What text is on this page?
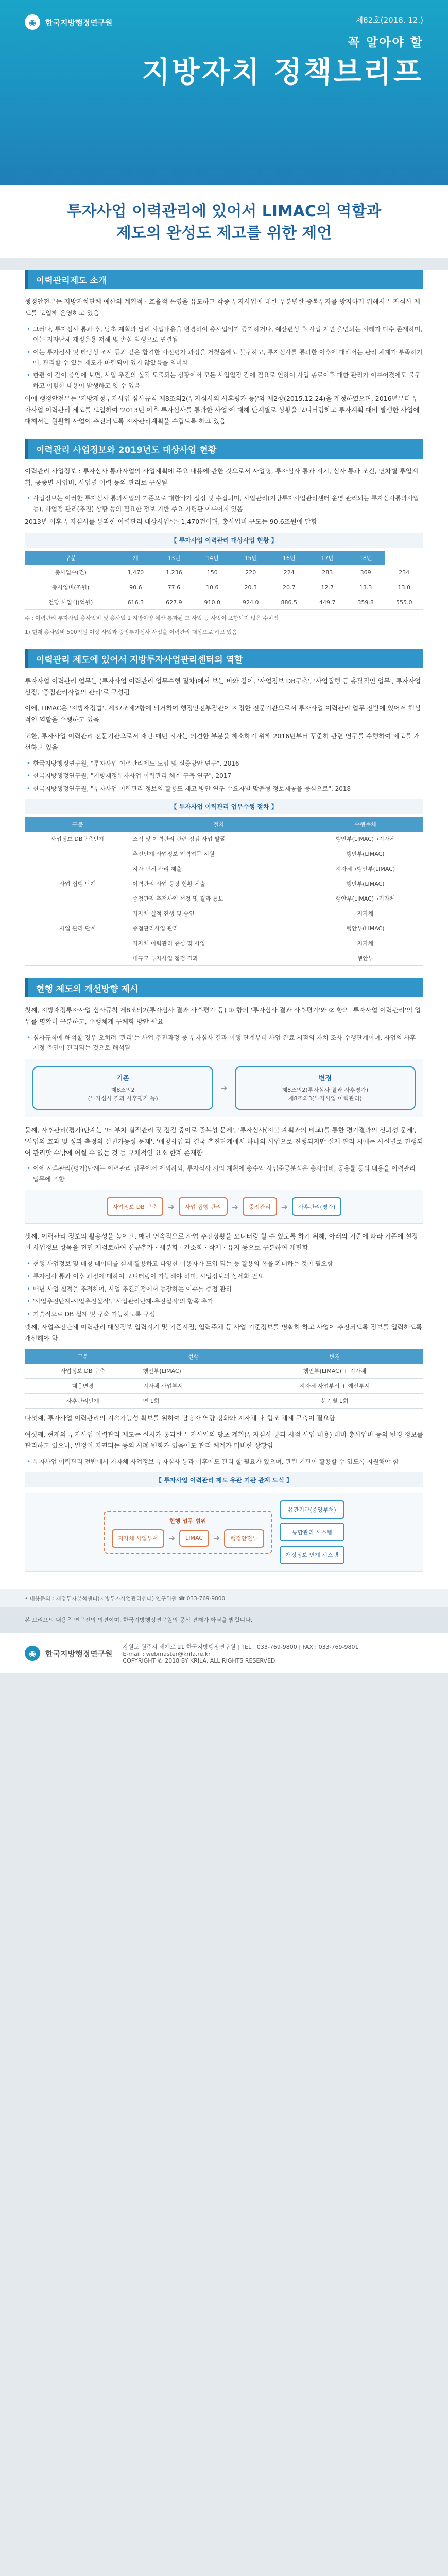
◉	한국지방행정연구원	제82호(2018. 12.)
꼭 알아야 할
지방자치 정책브리프
투자사업 이력관리에 있어서 LIMAC의 역할과
제도의 완성도 제고를 위한 제언
이력관리제도 소개
행정안전부는 지방자치단체 예산의 계획적 · 효율적 운영을 유도하고 각종 투자사업에 대한 무분별한 중복투자를 방지하기 위해서 투자심사 제도를 도입해 운영하고 있음
• 그러나, 투자심사 통과 후, 당초 계획과 달리 사업내용을 변경하여 총사업비가 증가하거나, 예산편성 후 사업 지연 출연되는 사례가 다수 존재하며, 이는 지자단체 재정운용 저해 및 손실 발생으로 연결됨
• 이는 투자심사 및 타당성 조사 등과 같은 합격한 사전평가 과정을 거쳤음에도 불구하고, 투자심사를 통과한 이후에 대해서는 관리 체계가 부족하기에, 관리할 수 있는 제도가 마련되어 있지 않았음을 의미함
• 한편 이 같이 중앙에 보면, 사업 추진의 실적 도출되는 상황에서 모든 사업일정 감에 필요로 인하여 사업 종료이후 대한 관리가 이루어졌에도 불구하고 이렇한 내용이 발생하고 잇 수 있음
이에 행정안전부는 '지방재정투자사업 심사규칙 제8조의2(투자심사의 사후평가 등)'와 제2항(2015.12.24)을 개정하였으며, 2016년부터 투자사업 이력관리 제도를 도입하여 '2013년 이후 투자심사를 통과한 사업'에 대해 단계별로 상황을 모니터링하고 투자계획 대비 발생한 사업에 대해서는 원활히 사업이 추진되도록 지자관리계획을 수립토록 하고 있음
이력관리 사업정보와 2019년도 대상사업 현황
이력관리 사업정보 : 투자심사 통과사업의 사업계획에 주요 내용에 관한 것으로서 사업명, 투자심사 통과 시기, 심사 통과 조건, 연차별 투입계획, 공종별 사업비, 사업별 이력 등의 관리로 구성됨
• 사업정보는 이러한 투자심사 통과사업의 기준으로 대한바가 설정 및 수집되며, 사업관리(지방투자사업관리센터 운영 관리되는 투자심사통과사업 등), 사업정 관리(추진) 상황 등의 필요한 정보 기반 주요 가령관 이루어지 있음
2013년 이후 투자심사를 통과한 이력관리 대상사업*은 1,470건이며, 총사업비 규모는 90.6조원에 달함
【 투자사업 이력관리 대상사업 현황 】
구분	계	13년	14년	15년	16년	17년	18년	
총사업수(건)	1,470	1,236	150	220	224	283	369	234
총사업비(조원)	90.6	77.6	10.6	20.3	20.7	12.7	13.3	13.0
건당 사업비(억원)	616.3	627.9	910.0	924.0	886.5	449.7	359.8	555.0
주 : 이력관리 투자사업 총사업비 및 총사업 1 지방이양 예산 통과된 그 사업 등 사업이 포함되지 않은 수치임
1) 현재 총사업비 500억원 이상 사업과 중앙투자심사 사업을 이력관리 대상으로 하고 있음
이력관리 제도에 있어서 지방투자사업관리센터의 역할
투자사업 이력관리 업무는 (투자사업 이력관리 업무수행 절차)에서 보는 바와 같이, '사업정보 DB구축', '사업집행 등 총괄적인 업무', 투자사업 선정, '중점관리사업의 관리'로 구성됨
이에, LIMAC은 '지방재정법', 제37조제2항에 의거하여 행정안전부장관이 지정한 전문기관으로서 투자사업 이력관리 업무 전반에 있어서 핵심적인 역할을 수행하고 있음
또한, 투자사업 이력관리 전문기관으로서 재난·매년 지자는 의견한 부분을 해소하기 위해 2016년부터 꾸준히 관련 연구를 수행하여 제도를 개선하고 있음
• 한국지방행정연구원, "투자사업 이력관리제도 도입 및 실증방안 연구", 2016
• 한국지방행정연구원, "지방재정투자사업 이력관리 체계 구축 연구", 2017
• 한국지방행정연구원, "투자사업 이력관리 정보의 활용도 제고 방안 연구-수요자별 맞춤형 정보제공을 중심으로", 2018
【 투자사업 이력관리 업무수행 절차 】
구분	절차	수행주체
사업정보 DB구축단계	조직 및 이력관리 관련 점검 사업 발굴	행안부(LIMAC)→지자체
	추진단계 사업정보 입력업무 지원	행안부(LIMAC)
	지자 단체 관리 제출	지자체→행안부(LIMAC)
사업 집행 단계	이력관리 사업 등장 현황 체출	행안부(LIMAC)
	중점관리 추적사업 선정 및 결과 통보	행안부(LIMAC)→지자체
	지자체 실적 진행 및 승인	지자체
사업 관리 단계	중점관리사업 관리	행안부(LIMAC)
	지자체 이력관리 중심 및 사업	지자체
	대규모 투자사업 점검 결과	행안부
현행 제도의 개선방향 제시
첫째, 지방재정투자사업 심사규칙 제8조의2(투자심사 결과 사후평가 등) ① 항의 '투자심사 결과 사후평가'와 ② 항의 '투자사업 이력관리'의 업무를 명확히 구분하고, 수행체계 구체화 방안 필요
• 심사규칙에 해석할 경우 오히려 '관리'는 사업 추진과정 중 투자심사 결과 이행 단계부터 사업 완료 시점의 자치 조사 수행단계이며, 사업의 사후 재정 측면이 관리되는 것으로 해석됨
기존

제8조의2
(투자심사 결과 사후평가 등)

➜
변경

제8조의2(투자심사 결과 사후평가)
제8조의3(투자사업 이력관리)

둘째, 사후관리(평가)단계는 '더 부처 실적관리 및 점검 중이로 중복성 문제', '투자심사(지불 계획과의 비교)를 통한 평가결과의 신뢰성 문제', '사업의 효과 및 성과 측정의 실천가능성 문제', '매칭사업'과 결국 추진단계에서 하나의 사업으로 진행되지만 실제 관리 시에는 사실별로 진행되어 관리할 수밖에 어쩔 수 없는 것 등 구체적인 요소 한계 존재함
• 이에 사후관리(평가)단계는 이력관리 업무에서 제외하되, 투자심사 시의 계획에 총수와 사업준공분석은 총사업비, 공용률 등의 내용을 이력관리 업무에 포함
사업정보 DB 구축	➜	사업 집행 관리	➜	중점관리	➜	사후관리(평가)
셋째, 이력관리 정보의 활용성을 높이고, 매년 연속적으로 사업 추진상황을 모니터링 할 수 있도록 하기 위해, 아래의 기준에 따라 기존에 설정된 사업정보 항목을 전면 재검토하여 신규추가 · 세분화 · 간소화 · 삭제 · 유지 등으로 구분하여 개편함
• 현행 사업정보 및 매칭 데이터를 실제 활용하고 다양한 이용자가 도입 되는 등 활용의 폭을 확대하는 것이 필요함
• 투자심사 통과 이후 과정에 대하여 모니터링이 가능해야 하며, 사업정보의 상세화 필요
• 매년 사업 실적을 추적하여, 사업 추진과정에서 등장하는 이슈를 중점 관리
• '사업추진단계-사업추진실적', '사업관리단계-추진실적'의 항목 추가
• 기술적으로 DB 설계 및 구축 가능하도록 구성
넷째, 사업추진단계 이력관리 대상정보 입력시기 및 기준시점, 입력주체 등 사업 기준정보를 명확히 하고 사업이 추진되도록 정보를 입력하도록 개선해야 함
구분	현행	변경
사업정보 DB 구축	행안부(LIMAC)	행안부(LIMAC) + 지자체
대응변경	지자체 사업부서	지자체 사업부서 + 예산부서
사후관리단계	연 1회	분기별 1회
다섯째, 투자사업 이력관리의 지속가능성 확보를 위하여 담당자 역량 강화와 지자체 내 협조 체계 구축이 필요함
여섯째, 현재의 투자사업 이력관리 제도는 실시가 통과한 투자사업의 당초 계획(투자심사 통과 시점 사업 내용) 대비 총사업비 등의 변경 정보를 관리하고 있으나, 일정이 지연되는 등의 사례 변화가 있음에도 관리 체계가 미비한 상황임
• 투자사업 이력관리 전반에서 지자체 사업정보 투자심사 통과 이후에도 관리 할 필요가 있으며, 관련 기관이 활용할 수 있도록 지원해야 함
【 투자사업 이력관리 제도 유관 기관 관계 도식 】
현행 업무 범위
지자체 사업부서	➜	LIMAC	➜	행정안전부
유관기관(중앙부처)
통합관리 시스템
재정정보 연계 시스템
• 내용문의 : 재정투자분석센터(지방투자사업관리센터) 연구위원 ☎ 033-769-9800
본 브리프의 내용은 연구진의 의견이며, 한국지방행정연구원의 공식 견해가 아님을 밝힙니다.
◉	한국지방행정연구원
강원도 원주시 세계로 21 한국지방행정연구원 | TEL : 033-769-9800 | FAX : 033-769-9801
E-mail : webmaster@krila.re.kr
COPYRIGHT © 2018 BY KRILA. ALL RIGHTS RESERVED
